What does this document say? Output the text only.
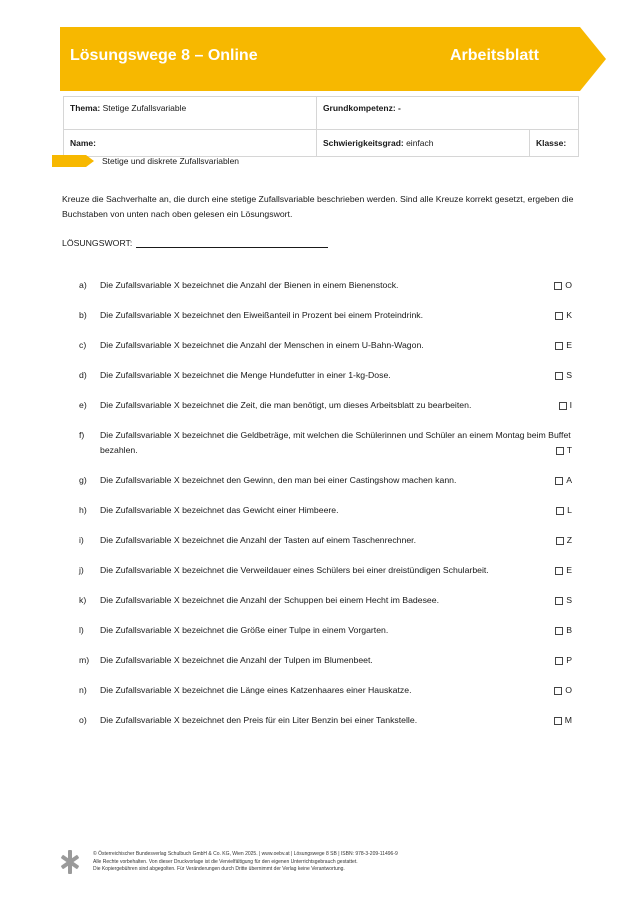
Lösungswege 8 – Online	Arbeitsblatt
Thema: Stetige Zufallsvariable	Grundkompetenz: -	
Name:	Schwierigkeitsgrad: einfach	Klasse:
Stetige und diskrete Zufallsvariablen
Kreuze die Sachverhalte an, die durch eine stetige Zufallsvariable beschrieben werden. Sind alle Kreuze korrekt gesetzt, ergeben die Buchstaben von unten nach oben gelesen ein Lösungswort.
LÖSUNGSWORT:
a) Die Zufallsvariable X bezeichnet die Anzahl der Bienen in einem Bienenstock.	O
b) Die Zufallsvariable X bezeichnet den Eiweißanteil in Prozent bei einem Proteindrink.	K
c) Die Zufallsvariable X bezeichnet die Anzahl der Menschen in einem U-Bahn-Wagon.	E
d) Die Zufallsvariable X bezeichnet die Menge Hundefutter in einer 1-kg-Dose.	S
e) Die Zufallsvariable X bezeichnet die Zeit, die man benötigt, um dieses Arbeitsblatt zu bearbeiten.	I
f) Die Zufallsvariable X bezeichnet die Geldbeträge, mit welchen die Schülerinnen und Schüler an einem Montag beim Buffet bezahlen.	T
g) Die Zufallsvariable X bezeichnet den Gewinn, den man bei einer Castingshow machen kann.	A
h) Die Zufallsvariable X bezeichnet das Gewicht einer Himbeere.	L
i) Die Zufallsvariable X bezeichnet die Anzahl der Tasten auf einem Taschenrechner.	Z
j) Die Zufallsvariable X bezeichnet die Verweildauer eines Schülers bei einer dreistündigen Schularbeit.	E
k) Die Zufallsvariable X bezeichnet die Anzahl der Schuppen bei einem Hecht im Badesee.	S
l) Die Zufallsvariable X bezeichnet die Größe einer Tulpe in einem Vorgarten.	B
m) Die Zufallsvariable X bezeichnet die Anzahl der Tulpen im Blumenbeet.	P
n) Die Zufallsvariable X bezeichnet die Länge eines Katzenhaares einer Hauskatze.	O
o) Die Zufallsvariable X bezeichnet den Preis für ein Liter Benzin bei einer Tankstelle.	M
© Österreichischer Bundesverlag Schulbuch GmbH & Co. KG, Wien 2025. | www.oebv.at | Lösungswege 8 SB | ISBN: 978-3-209-11496-9
Alle Rechte vorbehalten. Von dieser Druckvorlage ist die Vervielfältigung für den eigenen Unterrichtsgebrauch gestattet.
Die Kopiergebühren sind abgegolten. Für Veränderungen durch Dritte übernimmt der Verlag keine Verantwortung.
